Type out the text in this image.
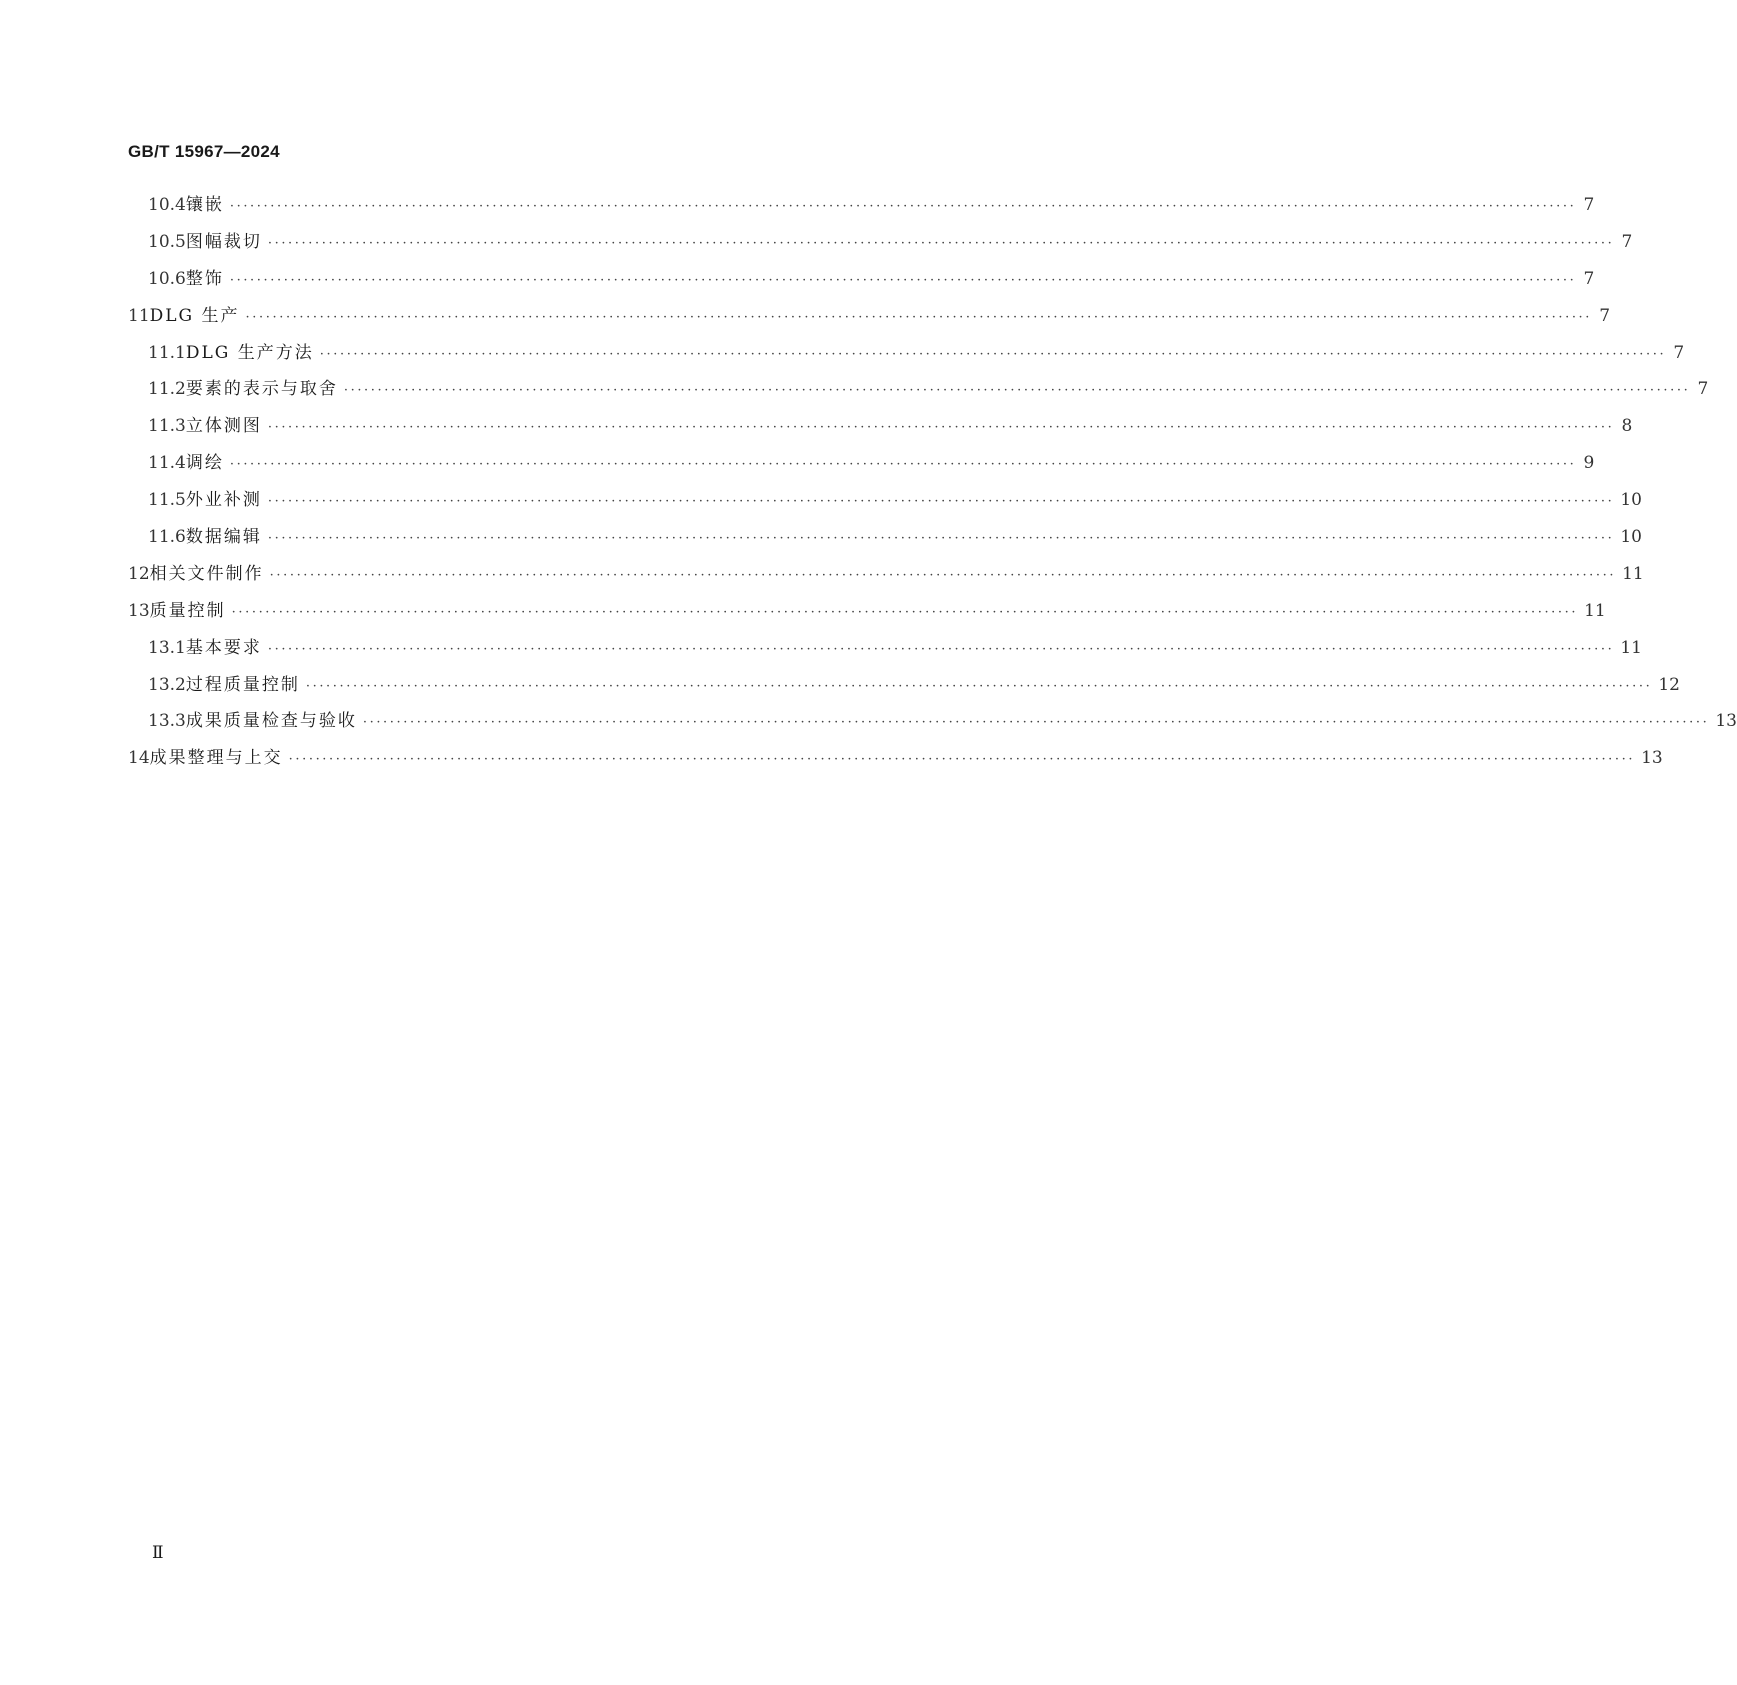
GB/T 15967—2024
10.4 镶嵌 ········································································································································································································ 7
10.5 图幅裁切 ········································································································································································································ 7
10.6 整饰 ········································································································································································································ 7
11 DLG 生产 ········································································································································································································ 7
11.1 DLG 生产方法 ········································································································································································································ 7
11.2 要素的表示与取舍 ········································································································································································································ 7
11.3 立体测图 ········································································································································································································ 8
11.4 调绘 ········································································································································································································ 9
11.5 外业补测 ········································································································································································································ 10
11.6 数据编辑 ········································································································································································································ 10
12 相关文件制作 ········································································································································································································ 11
13 质量控制 ········································································································································································································ 11
13.1 基本要求 ········································································································································································································ 11
13.2 过程质量控制 ········································································································································································································ 12
13.3 成果质量检查与验收 ········································································································································································································ 13
14 成果整理与上交 ········································································································································································································ 13
Ⅱ
